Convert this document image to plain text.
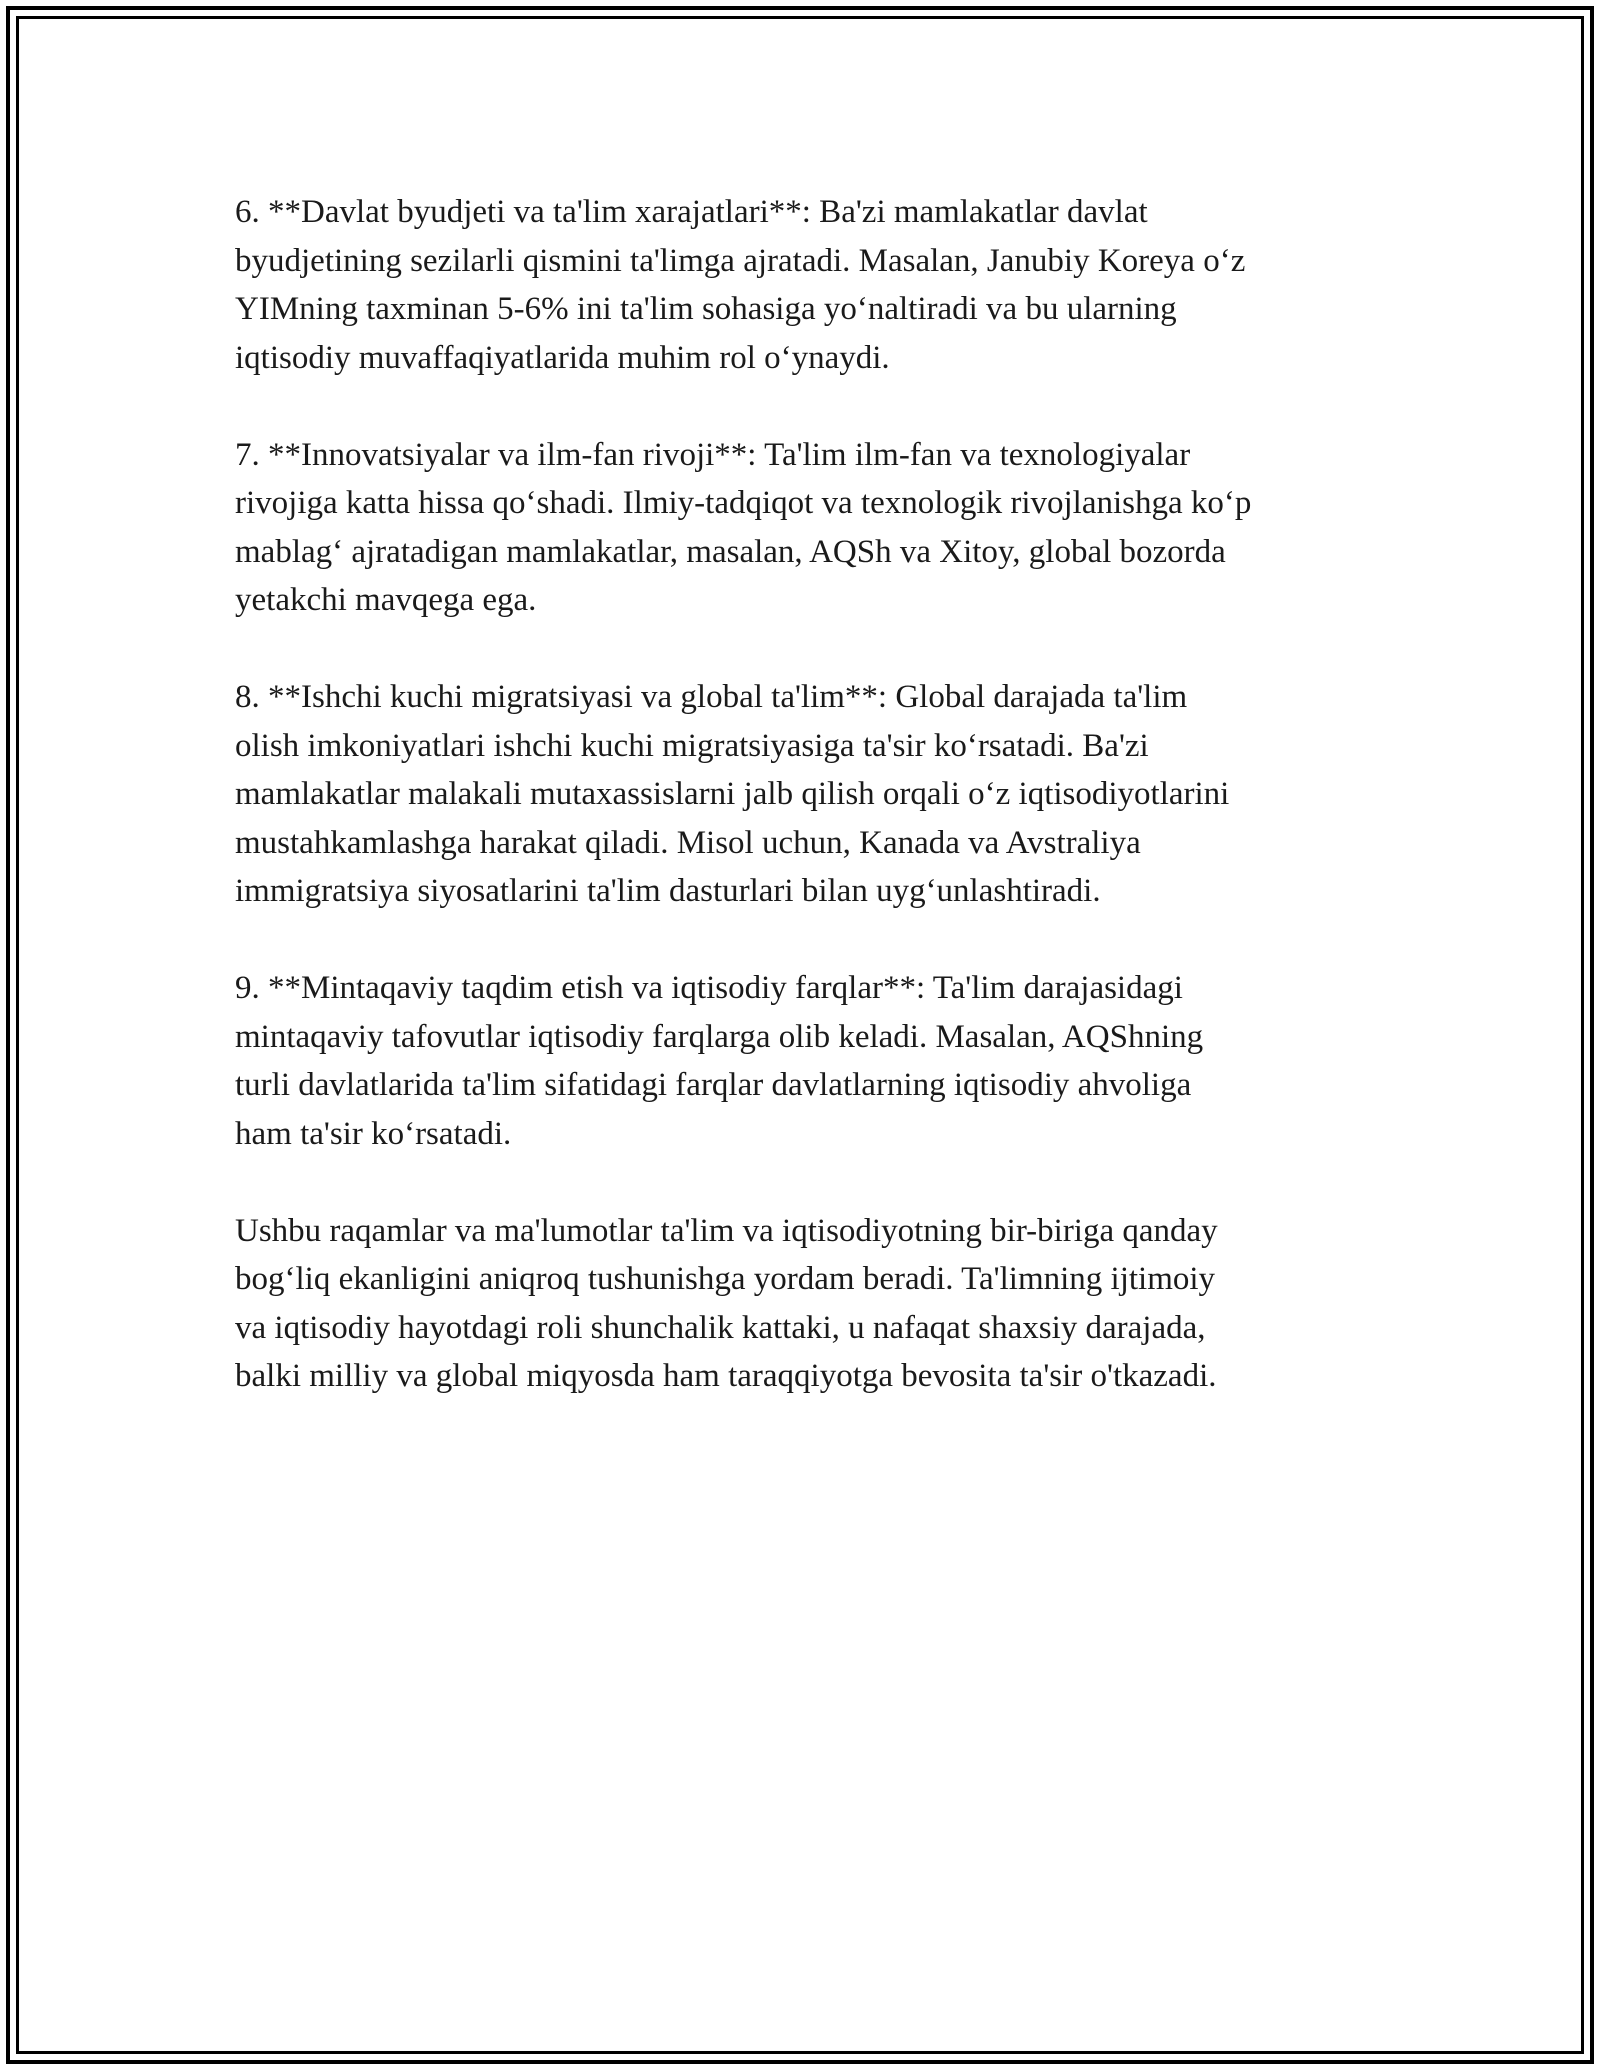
6. **Davlat byudjeti va ta'lim xarajatlari**: Ba'zi mamlakatlar davlat
byudjetining sezilarli qismini ta'limga ajratadi. Masalan, Janubiy Koreya o‘z
YIMning taxminan 5-6% ini ta'lim sohasiga yo‘naltiradi va bu ularning
iqtisodiy muvaffaqiyatlarida muhim rol o‘ynaydi.

7. **Innovatsiyalar va ilm-fan rivoji**: Ta'lim ilm-fan va texnologiyalar
rivojiga katta hissa qo‘shadi. Ilmiy-tadqiqot va texnologik rivojlanishga ko‘p
mablag‘ ajratadigan mamlakatlar, masalan, AQSh va Xitoy, global bozorda
yetakchi mavqega ega.

8. **Ishchi kuchi migratsiyasi va global ta'lim**: Global darajada ta'lim
olish imkoniyatlari ishchi kuchi migratsiyasiga ta'sir ko‘rsatadi. Ba'zi
mamlakatlar malakali mutaxassislarni jalb qilish orqali o‘z iqtisodiyotlarini
mustahkamlashga harakat qiladi. Misol uchun, Kanada va Avstraliya
immigratsiya siyosatlarini ta'lim dasturlari bilan uyg‘unlashtiradi.

9. **Mintaqaviy taqdim etish va iqtisodiy farqlar**: Ta'lim darajasidagi
mintaqaviy tafovutlar iqtisodiy farqlarga olib keladi. Masalan, AQShning
turli davlatlarida ta'lim sifatidagi farqlar davlatlarning iqtisodiy ahvoliga
ham ta'sir ko‘rsatadi.

Ushbu raqamlar va ma'lumotlar ta'lim va iqtisodiyotning bir-biriga qanday
bog‘liq ekanligini aniqroq tushunishga yordam beradi. Ta'limning ijtimoiy
va iqtisodiy hayotdagi roli shunchalik kattaki, u nafaqat shaxsiy darajada,
balki milliy va global miqyosda ham taraqqiyotga bevosita ta'sir o'tkazadi.
